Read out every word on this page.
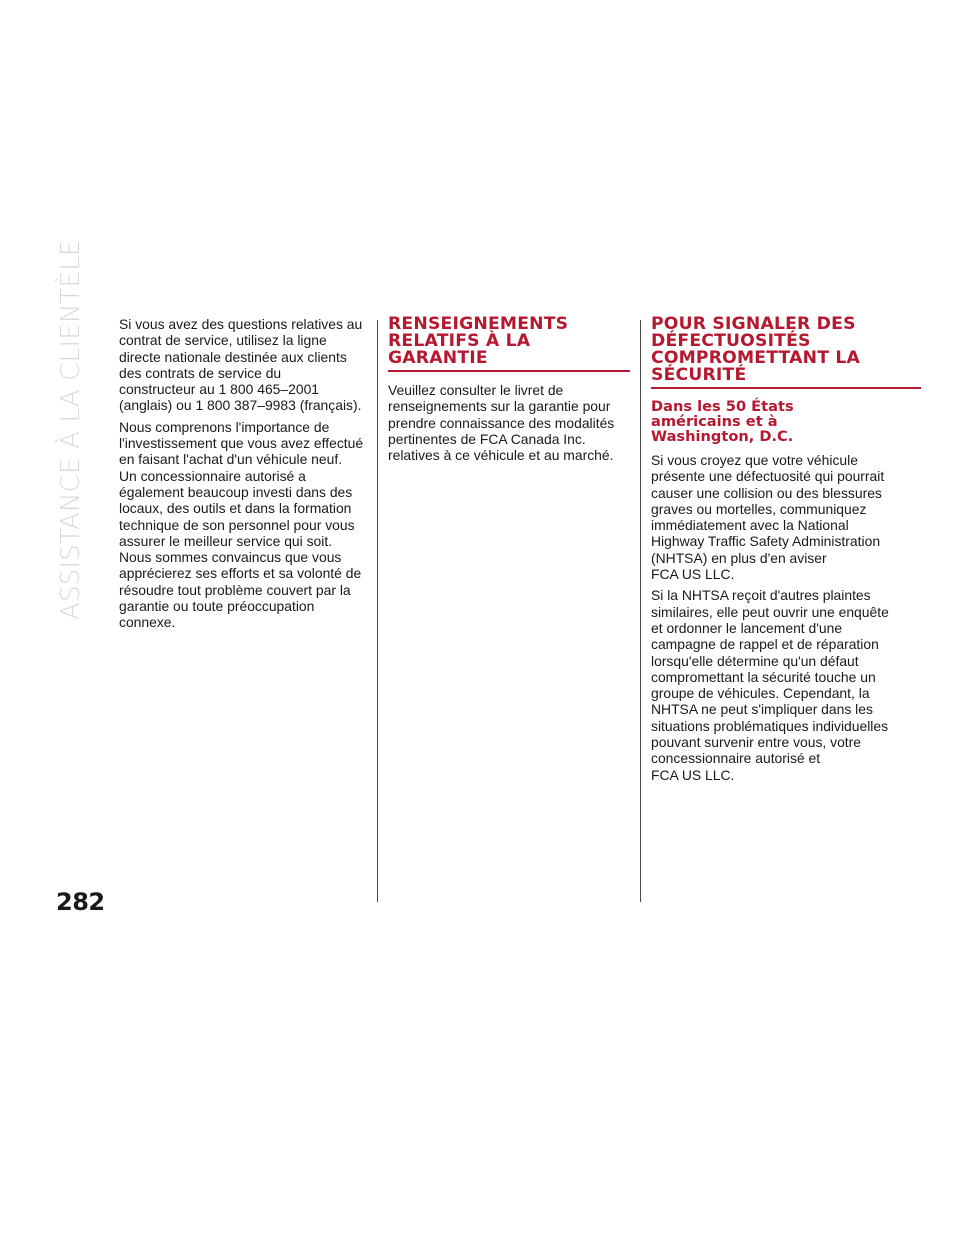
ASSISTANCE À LA CLIENTÈLE
282

Si vous avez des questions relatives au
contrat de service, utilisez la ligne
directe nationale destinée aux clients
des contrats de service du
constructeur au 1 800 465–2001
(anglais) ou 1 800 387–9983 (français).

Nous comprenons l'importance de
l'investissement que vous avez effectué
en faisant l'achat d'un véhicule neuf.
Un concessionnaire autorisé a
également beaucoup investi dans des
locaux, des outils et dans la formation
technique de son personnel pour vous
assurer le meilleur service qui soit.
Nous sommes convaincus que vous
apprécierez ses efforts et sa volonté de
résoudre tout problème couvert par la
garantie ou toute préoccupation
connexe.

RENSEIGNEMENTS
RELATIFS À LA
GARANTIE

Veuillez consulter le livret de
renseignements sur la garantie pour
prendre connaissance des modalités
pertinentes de FCA Canada Inc.
relatives à ce véhicule et au marché.

POUR SIGNALER DES
DÉFECTUOSITÉS
COMPROMETTANT LA
SÉCURITÉ
Dans les 50 États
américains et à
Washington, D.C.

Si vous croyez que votre véhicule
présente une défectuosité qui pourrait
causer une collision ou des blessures
graves ou mortelles, communiquez
immédiatement avec la National
Highway Traffic Safety Administration
(NHTSA) en plus d'en aviser
FCA US LLC.

Si la NHTSA reçoit d'autres plaintes
similaires, elle peut ouvrir une enquête
et ordonner le lancement d'une
campagne de rappel et de réparation
lorsqu'elle détermine qu'un défaut
compromettant la sécurité touche un
groupe de véhicules. Cependant, la
NHTSA ne peut s'impliquer dans les
situations problématiques individuelles
pouvant survenir entre vous, votre
concessionnaire autorisé et
FCA US LLC.
